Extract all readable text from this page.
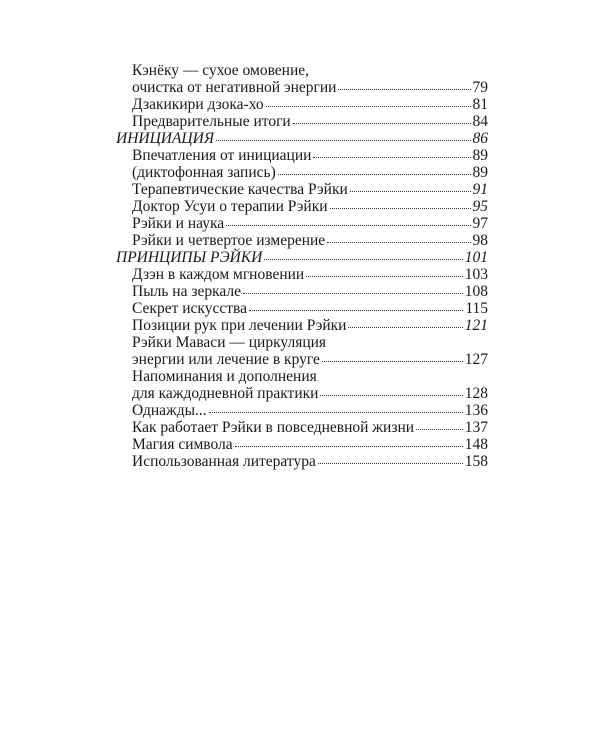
Кэнёку — сухое омовение,
очистка от негативной энергии	79
Дзакикири дзока-хо	81
Предварительные итоги	84
ИНИЦИАЦИЯ	86
Впечатления от инициации	89
(диктофонная запись)	89
Терапевтические качества Рэйки	91
Доктор Усуи о терапии Рэйки	95
Рэйки и наука	97
Рэйки и четвертое измерение	98
ПРИНЦИПЫ РЭЙКИ	101
Дзэн в каждом мгновении	103
Пыль на зеркале	108
Секрет искусства	115
Позиции рук при лечении Рэйки	121
Рэйки Маваси — циркуляция
энергии или лечение в круге	127
Напоминания и дополнения
для каждодневной практики	128
Однажды...	136
Как работает Рэйки в повседневной жизни	137
Магия символа	148
Использованная литература	158
